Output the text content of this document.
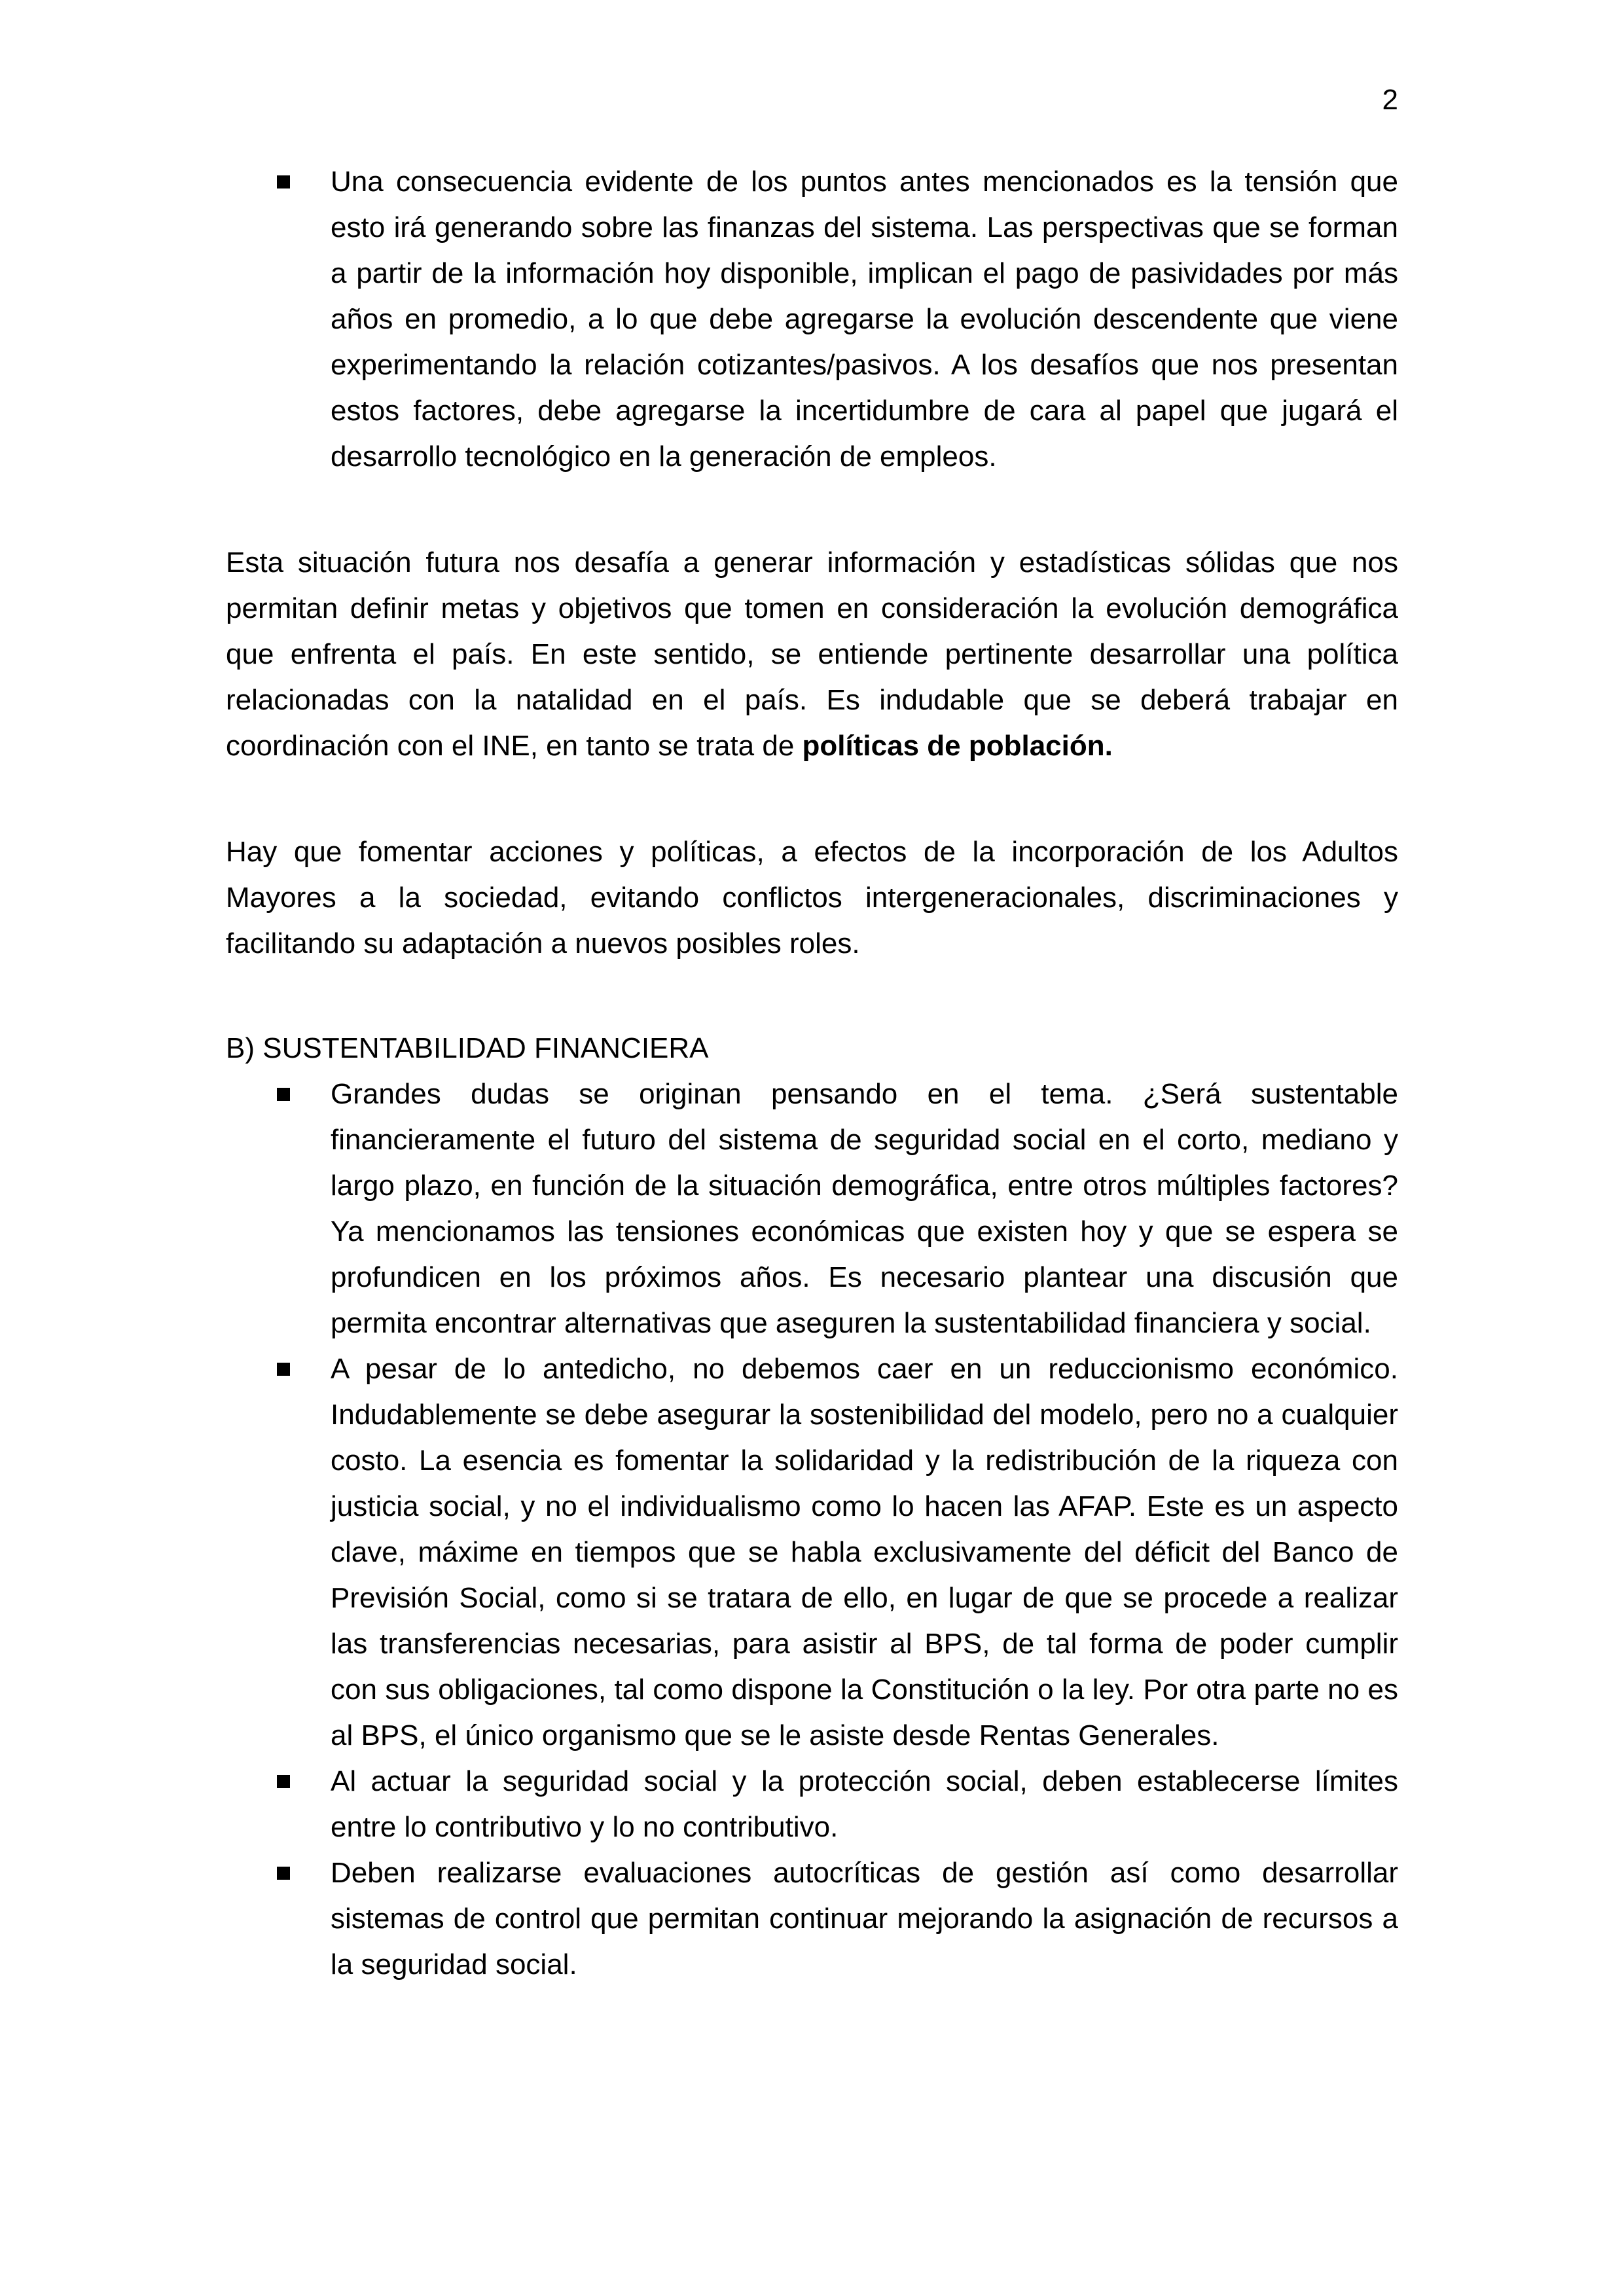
2
Una consecuencia evidente de los puntos antes mencionados es la tensión que esto irá generando sobre las finanzas del sistema. Las perspectivas que se forman a partir de la información hoy disponible, implican el pago de pasividades por más años en promedio, a lo que debe agregarse la evolución descendente que viene experimentando la relación cotizantes/pasivos. A los desafíos que nos presentan estos factores, debe agregarse la incertidumbre de cara al papel que jugará el desarrollo tecnológico en la generación de empleos.

Esta situación futura nos desafía a generar información y estadísticas sólidas que nos permitan definir metas y objetivos que tomen en consideración la evolución demográfica que enfrenta el país. En este sentido, se entiende pertinente desarrollar una política relacionadas con la natalidad en el país. Es indudable que se deberá trabajar en coordinación con el INE, en tanto se trata de políticas de población.

Hay que fomentar acciones y políticas, a efectos de la incorporación de los Adultos Mayores a la sociedad, evitando conflictos intergeneracionales, discriminaciones y facilitando su adaptación a nuevos posibles roles.

B) SUSTENTABILIDAD FINANCIERA

Grandes dudas se originan pensando en el tema. ¿Será sustentable financieramente el futuro del sistema de seguridad social en el corto, mediano y largo plazo, en función de la situación demográfica, entre otros múltiples factores? Ya mencionamos las tensiones económicas que existen hoy y que se espera se profundicen en los próximos años. Es necesario plantear una discusión que permita encontrar alternativas que aseguren la sustentabilidad financiera y social.
A pesar de lo antedicho, no debemos caer en un reduccionismo económico. Indudablemente se debe asegurar la sostenibilidad del modelo, pero no a cualquier costo. La esencia es fomentar la solidaridad y la redistribución de la riqueza con justicia social, y no el individualismo como lo hacen las AFAP. Este es un aspecto clave, máxime en tiempos que se habla exclusivamente del déficit del Banco de Previsión Social, como si se tratara de ello, en lugar de que se procede a realizar las transferencias necesarias, para asistir al BPS, de tal forma de poder cumplir con sus obligaciones, tal como dispone la Constitución o la ley. Por otra parte no es al BPS, el único organismo que se le asiste desde Rentas Generales.
Al actuar la seguridad social y la protección social, deben establecerse límites entre lo contributivo y lo no contributivo.
Deben realizarse evaluaciones autocríticas de gestión así como desarrollar sistemas de control que permitan continuar mejorando la asignación de recursos a la seguridad social.
